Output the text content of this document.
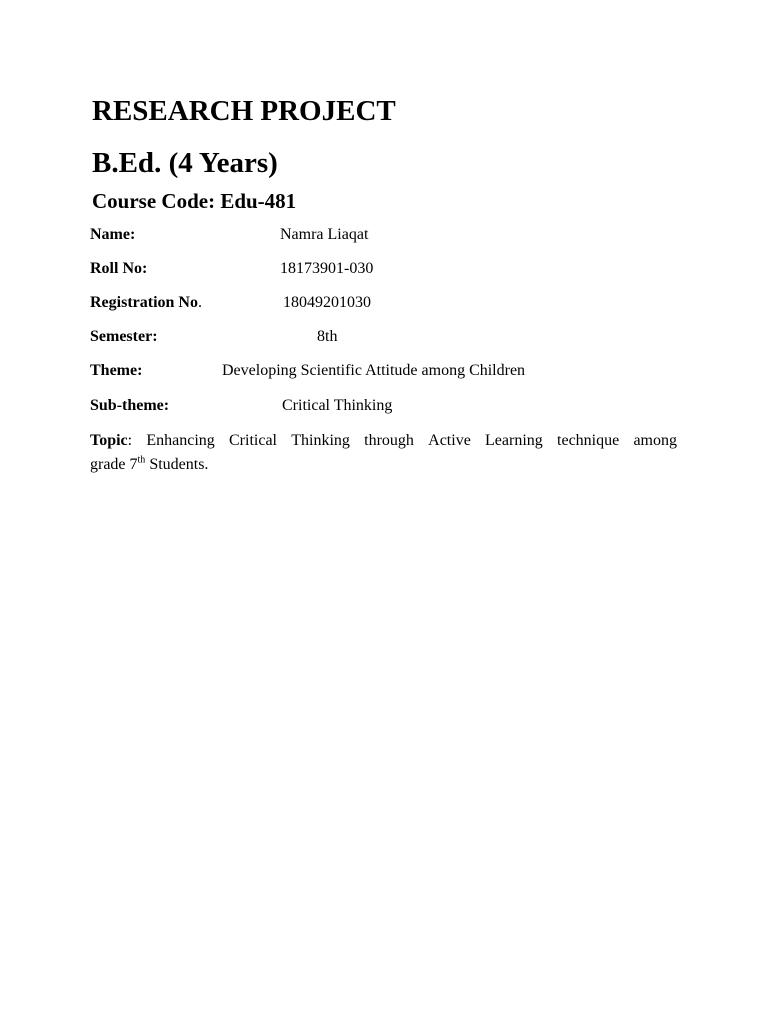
RESEARCH PROJECT
B.Ed. (4 Years)
Course Code: Edu-481
Name:	Namra Liaqat
Roll No:	18173901-030
Registration No.	18049201030
Semester:	8th
Theme:	Developing Scientific Attitude among Children
Sub-theme:	Critical Thinking
Topic: Enhancing Critical Thinking through Active Learning technique among
grade 7th Students.
